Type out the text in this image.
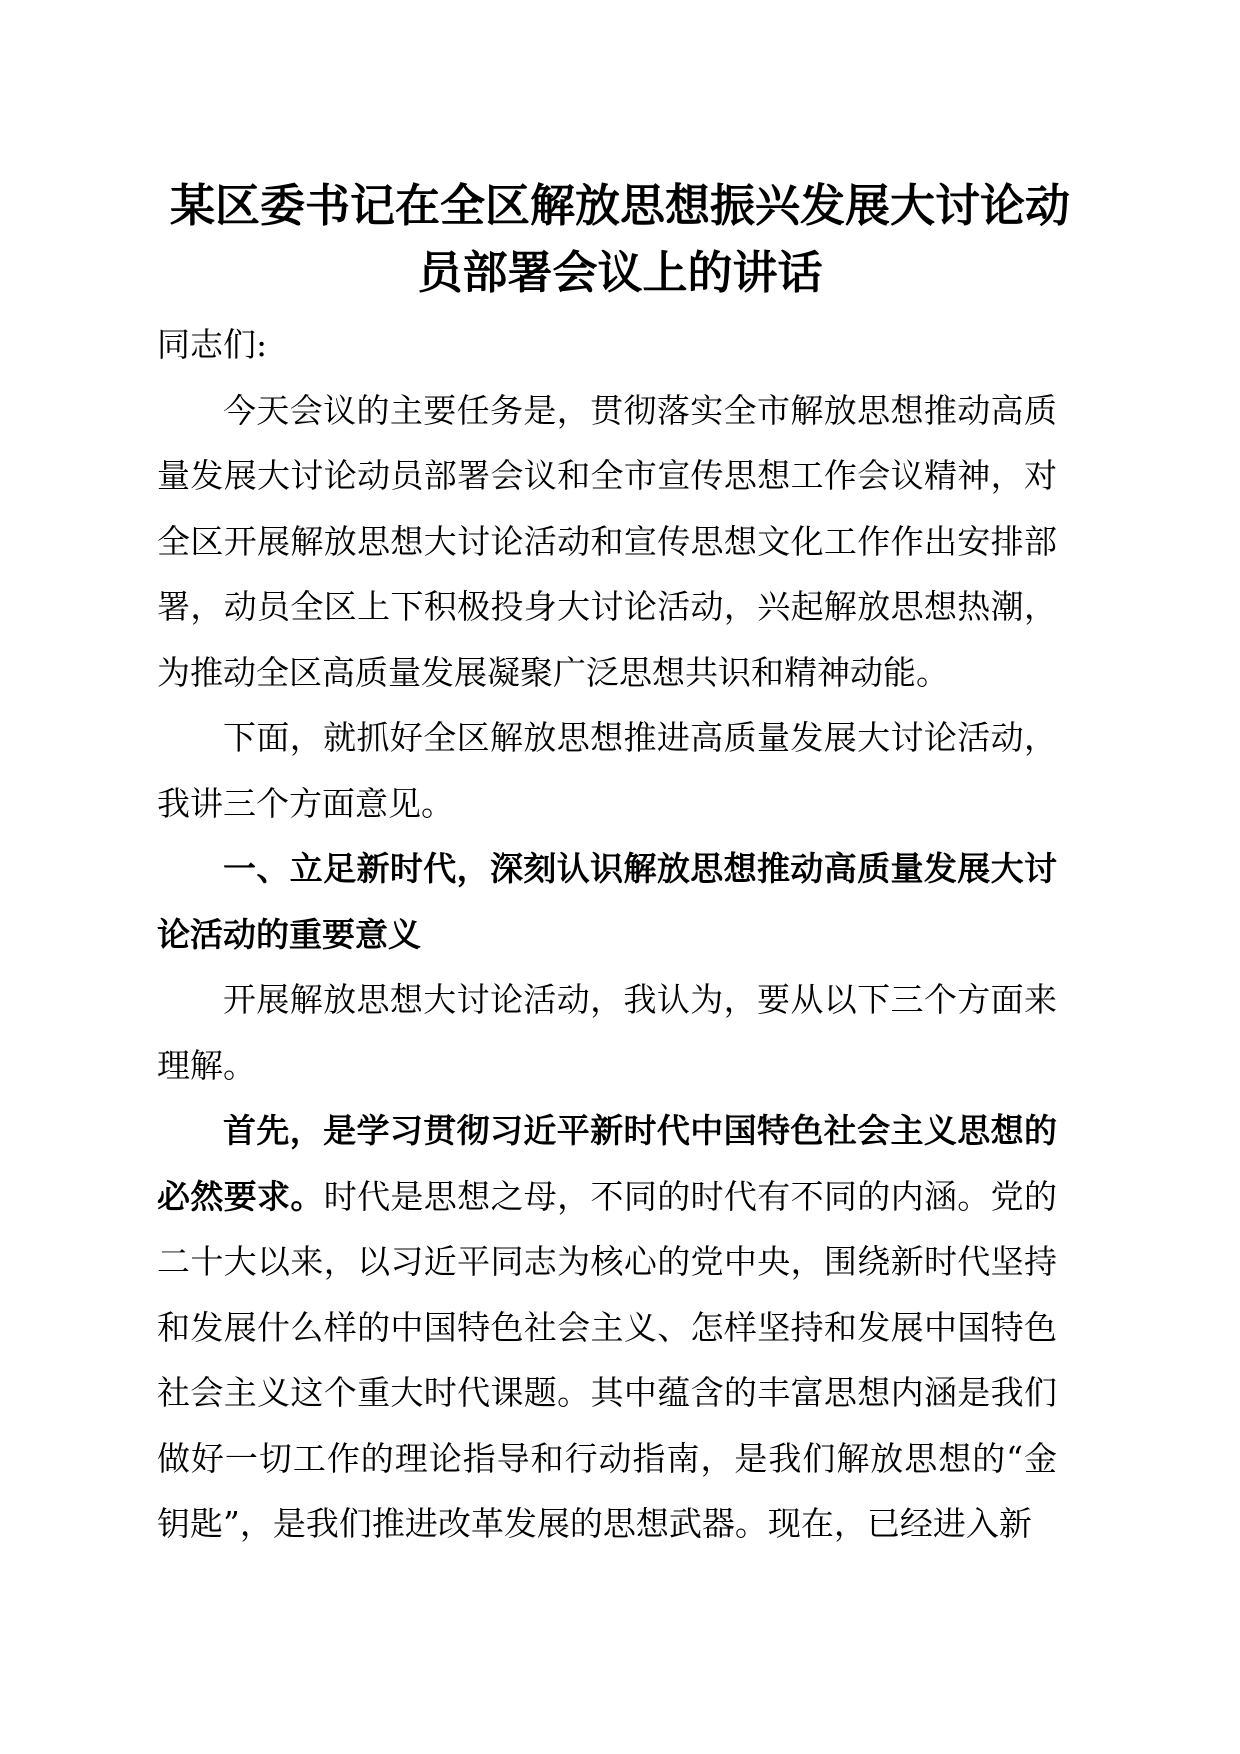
某区委书记在全区解放思想振兴发展大讨论动
员部署会议上的讲话

同志们:

今天会议的主要任务是，贯彻落实全市解放思想推动高质量发展大讨论动员部署会议和全市宣传思想工作会议精神，对全区开展解放思想大讨论活动和宣传思想文化工作作出安排部署，动员全区上下积极投身大讨论活动，兴起解放思想热潮，为推动全区高质量发展凝聚广泛思想共识和精神动能。

下面，就抓好全区解放思想推进高质量发展大讨论活动，我讲三个方面意见。

一、立足新时代，深刻认识解放思想推动高质量发展大讨论活动的重要意义

开展解放思想大讨论活动，我认为，要从以下三个方面来理解。

首先，是学习贯彻习近平新时代中国特色社会主义思想的必然要求。时代是思想之母，不同的时代有不同的内涵。党的二十大以来，以习近平同志为核心的党中央，围绕新时代坚持和发展什么样的中国特色社会主义、怎样坚持和发展中国特色社会主义这个重大时代课题。其中蕴含的丰富思想内涵是我们做好一切工作的理论指导和行动指南，是我们解放思想的“金钥匙”，是我们推进改革发展的思想武器。现在，已经进入新
